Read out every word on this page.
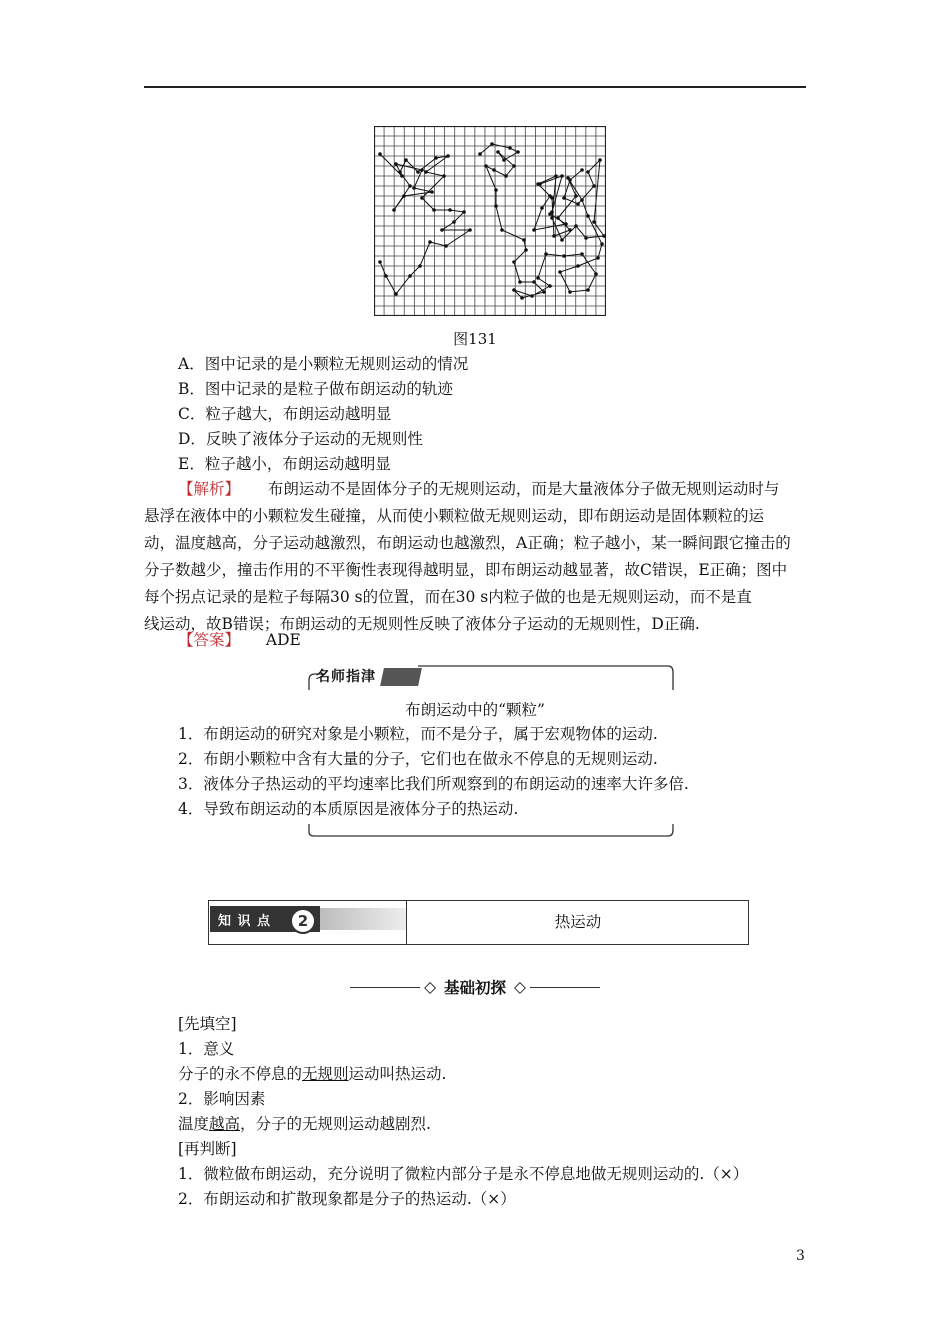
图131
A．图中记录的是小颗粒无规则运动的情况
B．图中记录的是粒子做布朗运动的轨迹
C．粒子越大，布朗运动越明显
D．反映了液体分子运动的无规则性
E．粒子越小，布朗运动越明显

【解析】 布朗运动不是固体分子的无规则运动，而是大量液体分子做无规则运动时与

悬浮在液体中的小颗粒发生碰撞，从而使小颗粒做无规则运动，即布朗运动是固体颗粒的运

动，温度越高，分子运动越激烈，布朗运动也越激烈，A正确；粒子越小，某一瞬间跟它撞击的

分子数越少，撞击作用的不平衡性表现得越明显，即布朗运动越显著，故C错误，E正确；图中

每个拐点记录的是粒子每隔30 s的位置，而在30 s内粒子做的也是无规则运动，而不是直

线运动，故B错误；布朗运动的无规则性反映了液体分子运动的无规则性，D正确.

【答案】 ADE
名师指津
布朗运动中的“颗粒”
1．布朗运动的研究对象是小颗粒，而不是分子，属于宏观物体的运动.
2．布朗小颗粒中含有大量的分子，它们也在做永不停息的无规则运动.
3．液体分子热运动的平均速率比我们所观察到的布朗运动的速率大许多倍.
4．导致布朗运动的本质原因是液体分子的热运动.
知 识 点	2	热运动
◇ 基础初探 ◇
[先填空]
1．意义
分子的永不停息的无规则运动叫热运动.
2．影响因素
温度越高，分子的无规则运动越剧烈.
[再判断]
1．微粒做布朗运动，充分说明了微粒内部分子是永不停息地做无规则运动的.（×）
2．布朗运动和扩散现象都是分子的热运动.（×）
3
